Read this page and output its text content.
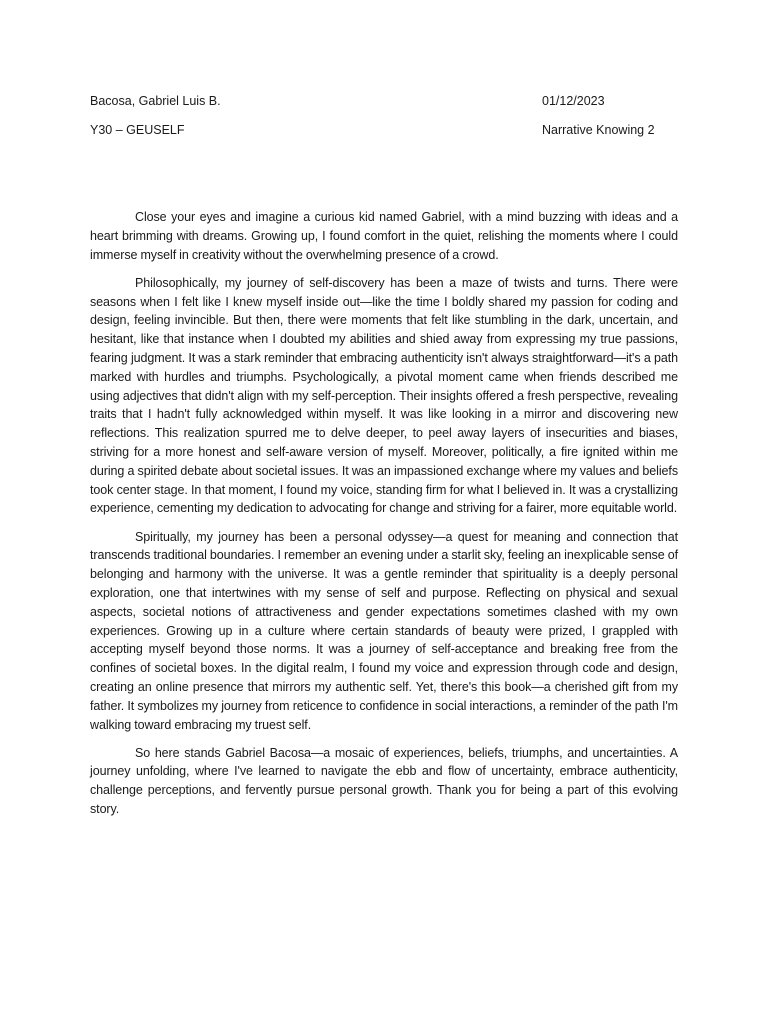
Bacosa, Gabriel Luis B.	01/12/2023
Y30 – GEUSELF	Narrative Knowing 2

Close your eyes and imagine a curious kid named Gabriel, with a mind buzzing with ideas and a heart brimming with dreams. Growing up, I found comfort in the quiet, relishing the moments where I could immerse myself in creativity without the overwhelming presence of a crowd.

Philosophically, my journey of self-discovery has been a maze of twists and turns. There were seasons when I felt like I knew myself inside out—like the time I boldly shared my passion for coding and design, feeling invincible. But then, there were moments that felt like stumbling in the dark, uncertain, and hesitant, like that instance when I doubted my abilities and shied away from expressing my true passions, fearing judgment. It was a stark reminder that embracing authenticity isn't always straightforward—it's a path marked with hurdles and triumphs. Psychologically, a pivotal moment came when friends described me using adjectives that didn't align with my self-perception. Their insights offered a fresh perspective, revealing traits that I hadn't fully acknowledged within myself. It was like looking in a mirror and discovering new reflections. This realization spurred me to delve deeper, to peel away layers of insecurities and biases, striving for a more honest and self-aware version of myself. Moreover, politically, a fire ignited within me during a spirited debate about societal issues. It was an impassioned exchange where my values and beliefs took center stage. In that moment, I found my voice, standing firm for what I believed in. It was a crystallizing experience, cementing my dedication to advocating for change and striving for a fairer, more equitable world.

Spiritually, my journey has been a personal odyssey—a quest for meaning and connection that transcends traditional boundaries. I remember an evening under a starlit sky, feeling an inexplicable sense of belonging and harmony with the universe. It was a gentle reminder that spirituality is a deeply personal exploration, one that intertwines with my sense of self and purpose. Reflecting on physical and sexual aspects, societal notions of attractiveness and gender expectations sometimes clashed with my own experiences. Growing up in a culture where certain standards of beauty were prized, I grappled with accepting myself beyond those norms. It was a journey of self-acceptance and breaking free from the confines of societal boxes. In the digital realm, I found my voice and expression through code and design, creating an online presence that mirrors my authentic self. Yet, there's this book—a cherished gift from my father. It symbolizes my journey from reticence to confidence in social interactions, a reminder of the path I'm walking toward embracing my truest self.

So here stands Gabriel Bacosa—a mosaic of experiences, beliefs, triumphs, and uncertainties. A journey unfolding, where I've learned to navigate the ebb and flow of uncertainty, embrace authenticity, challenge perceptions, and fervently pursue personal growth. Thank you for being a part of this evolving story.
